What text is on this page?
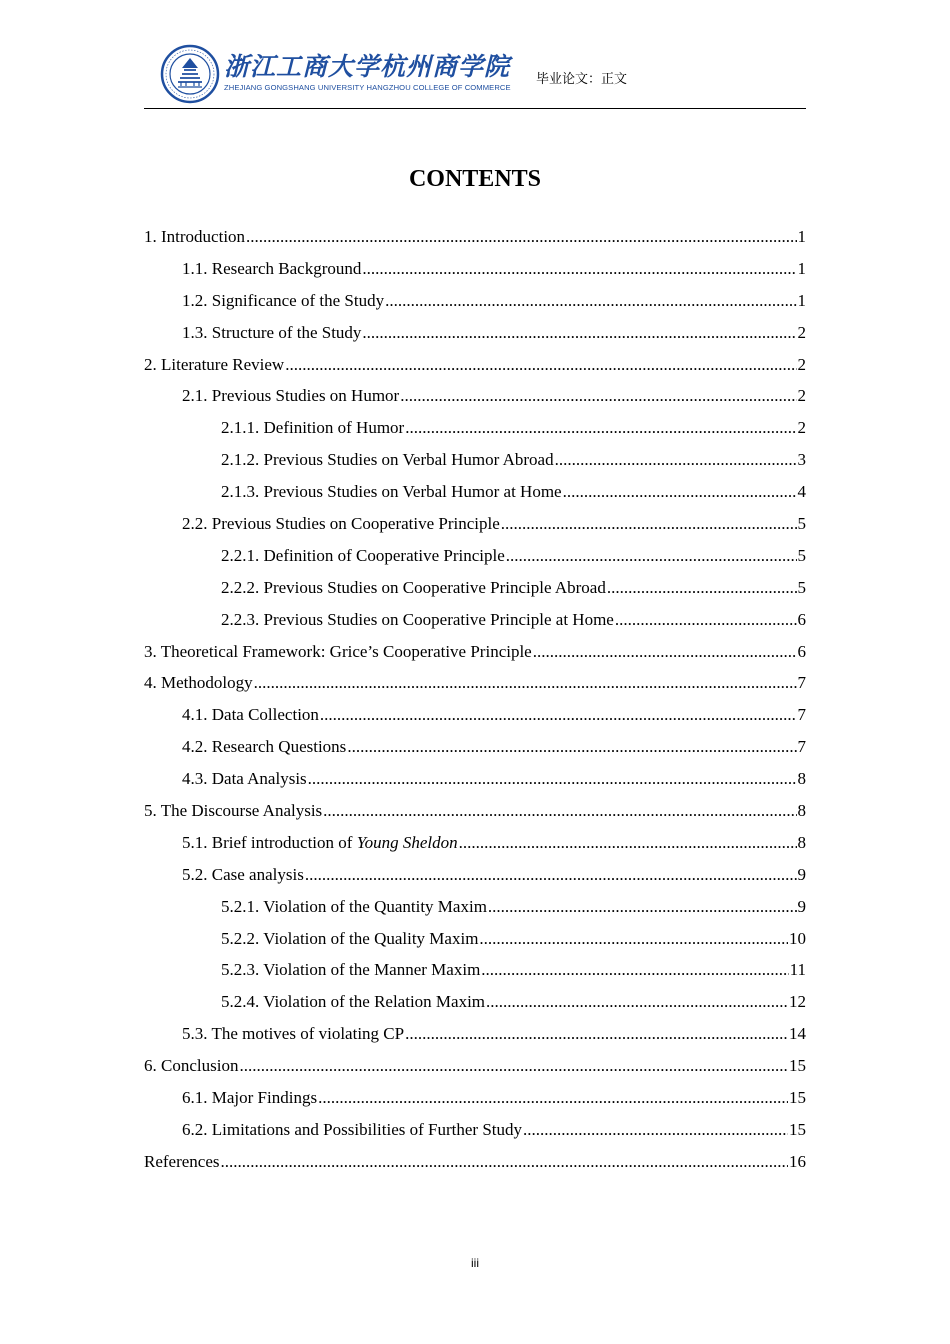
浙江工商大学杭州商学院
ZHEJIANG GONGSHANG UNIVERSITY HANGZHOU COLLEGE OF COMMERCE
毕业论文：正文
CONTENTS
1. Introduction .....	1
1.1. Research Background .....	1
1.2. Significance of the Study .....	1
1.3. Structure of the Study .....	2
2. Literature Review .....	2
2.1. Previous Studies on Humor .....	2
2.1.1. Definition of Humor .....	2
2.1.2. Previous Studies on Verbal Humor Abroad .....	3
2.1.3. Previous Studies on Verbal Humor at Home .....	4
2.2. Previous Studies on Cooperative Principle .....	5
2.2.1. Definition of Cooperative Principle .....	5
2.2.2. Previous Studies on Cooperative Principle Abroad .....	5
2.2.3. Previous Studies on Cooperative Principle at Home .....	6
3. Theoretical Framework: Grice’s Cooperative Principle .....	6
4. Methodology .....	7
4.1. Data Collection .....	7
4.2. Research Questions .....	7
4.3. Data Analysis .....	8
5. The Discourse Analysis .....	8
5.1. Brief introduction of Young Sheldon .....	8
5.2. Case analysis .....	9
5.2.1. Violation of the Quantity Maxim .....	9
5.2.2. Violation of the Quality Maxim .....	10
5.2.3. Violation of the Manner Maxim .....	11
5.2.4. Violation of the Relation Maxim .....	12
5.3. The motives of violating CP .....	14
6. Conclusion .....	15
6.1. Major Findings .....	15
6.2. Limitations and Possibilities of Further Study .....	15
References .....	16
iii
